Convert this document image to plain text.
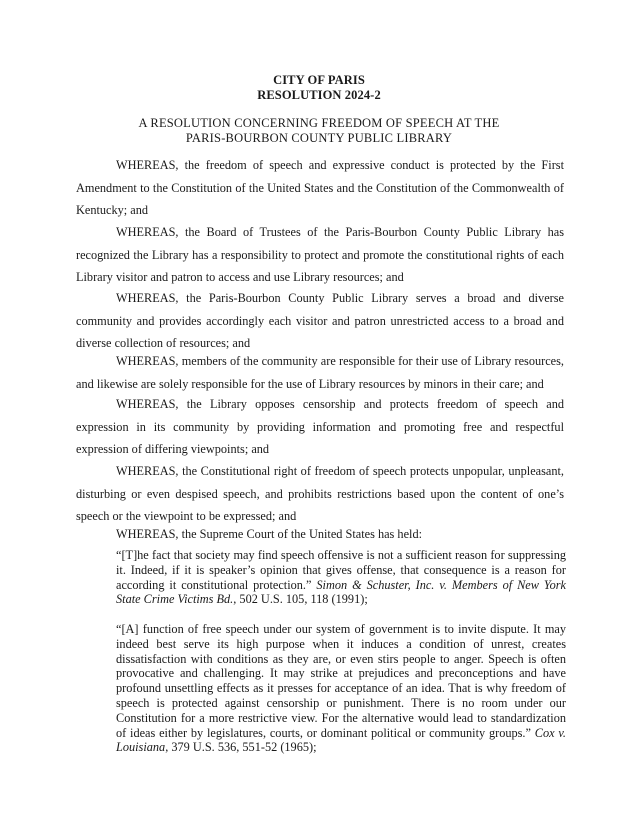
CITY OF PARIS
RESOLUTION 2024-2
A RESOLUTION CONCERNING FREEDOM OF SPEECH AT THE
PARIS-BOURBON COUNTY PUBLIC LIBRARY

WHEREAS, the freedom of speech and expressive conduct is protected by the First Amendment to the Constitution of the United States and the Constitution of the Commonwealth of Kentucky; and

WHEREAS, the Board of Trustees of the Paris-Bourbon County Public Library has recognized the Library has a responsibility to protect and promote the constitutional rights of each Library visitor and patron to access and use Library resources; and

WHEREAS, the Paris-Bourbon County Public Library serves a broad and diverse community and provides accordingly each visitor and patron unrestricted access to a broad and diverse collection of resources; and

WHEREAS, members of the community are responsible for their use of Library resources, and likewise are solely responsible for the use of Library resources by minors in their care; and

WHEREAS, the Library opposes censorship and protects freedom of speech and expression in its community by providing information and promoting free and respectful expression of differing viewpoints; and

WHEREAS, the Constitutional right of freedom of speech protects unpopular, unpleasant, disturbing or even despised speech, and prohibits restrictions based upon the content of one’s speech or the viewpoint to be expressed; and

WHEREAS, the Supreme Court of the United States has held:

“[T]he fact that society may find speech offensive is not a sufficient reason for suppressing it. Indeed, if it is speaker’s opinion that gives offense, that consequence is a reason for according it constitutional protection.” Simon & Schuster, Inc. v. Members of New York State Crime Victims Bd., 502 U.S. 105, 118 (1991);

“[A] function of free speech under our system of government is to invite dispute. It may indeed best serve its high purpose when it induces a condition of unrest, creates dissatisfaction with conditions as they are, or even stirs people to anger. Speech is often provocative and challenging. It may strike at prejudices and preconceptions and have profound unsettling effects as it presses for acceptance of an idea. That is why freedom of speech is protected against censorship or punishment. There is no room under our Constitution for a more restrictive view. For the alternative would lead to standardization of ideas either by legislatures, courts, or dominant political or community groups.” Cox v. Louisiana, 379 U.S. 536, 551-52 (1965);
